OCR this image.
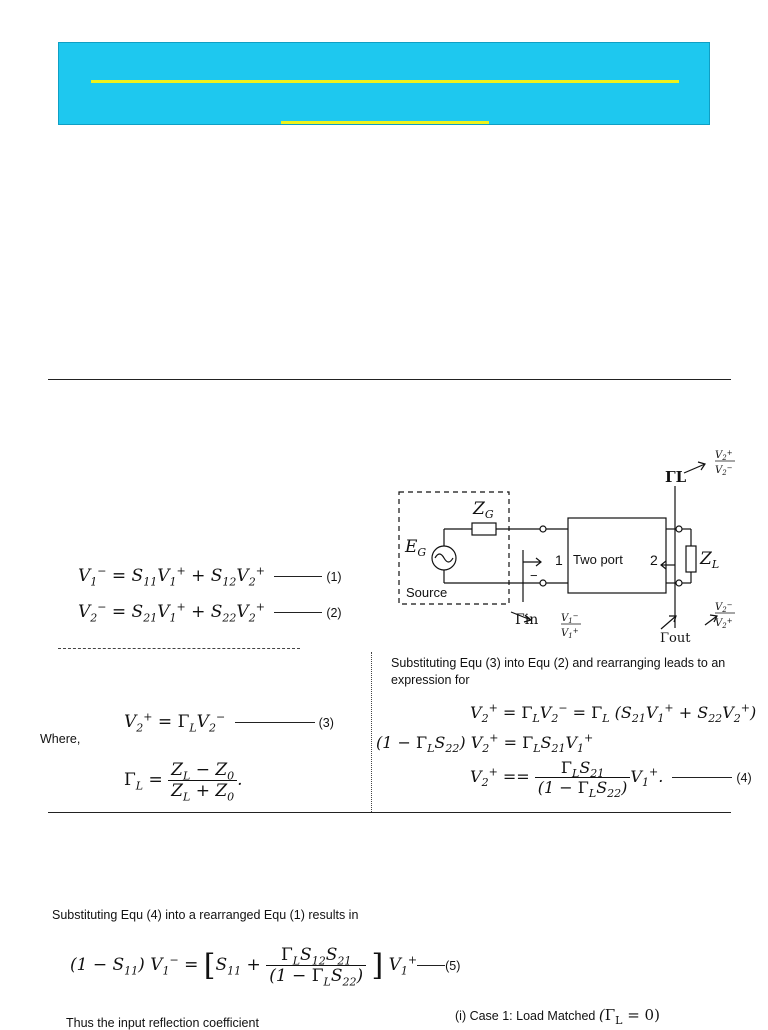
$V_1^- = S_{11}V_1^+ + S_{12}V_2^+$	(1)
$V_2^- = S_{21}V_1^+ + S_{22}V_2^+$	(2)
Where,
$V_2^+ = \Gamma_LV_2^-$	(3)
$\Gamma_L = \frac{Z_L - Z_0}{Z_L + Z_0}$ .
Substituting Equ (3) into Equ (2) and rearranging leads to an expression for
$V_2^+ = \Gamma_LV_2^- = \Gamma_L$ $(S_{21}V_1^+ + S_{22}V_2^+)$
$(1 - \Gamma_LS_{22})$ $V_2^+ = \Gamma_LS_{21}V_1^+$
$V_2^+ == \frac{\Gamma_LS_{21}}{(1 - \Gamma_LS_{22})} V_1^+$.	(4)
Substituting Equ (4) into a rearranged Equ (1) results in
$(1 - S_{11})$ $V_1^- = [S_{11} + \frac{\Gamma_LS_{12}S_{21}}{(1 - \Gamma_LS_{22})}$ ] $V_1^+$ (5)
Thus the input reflection coefficient	(i) Case 1: Load Matched $(\Gamma_L = 0)$
$Z_G$
$E_G$
Source
1 Two port 2 $Z_L$
−
Γin
Γout
ΓL
$V_1^-$
$V_1^+$
$V_2^+$
$V_2^-$
$V_2^-$
$V_2^+$
